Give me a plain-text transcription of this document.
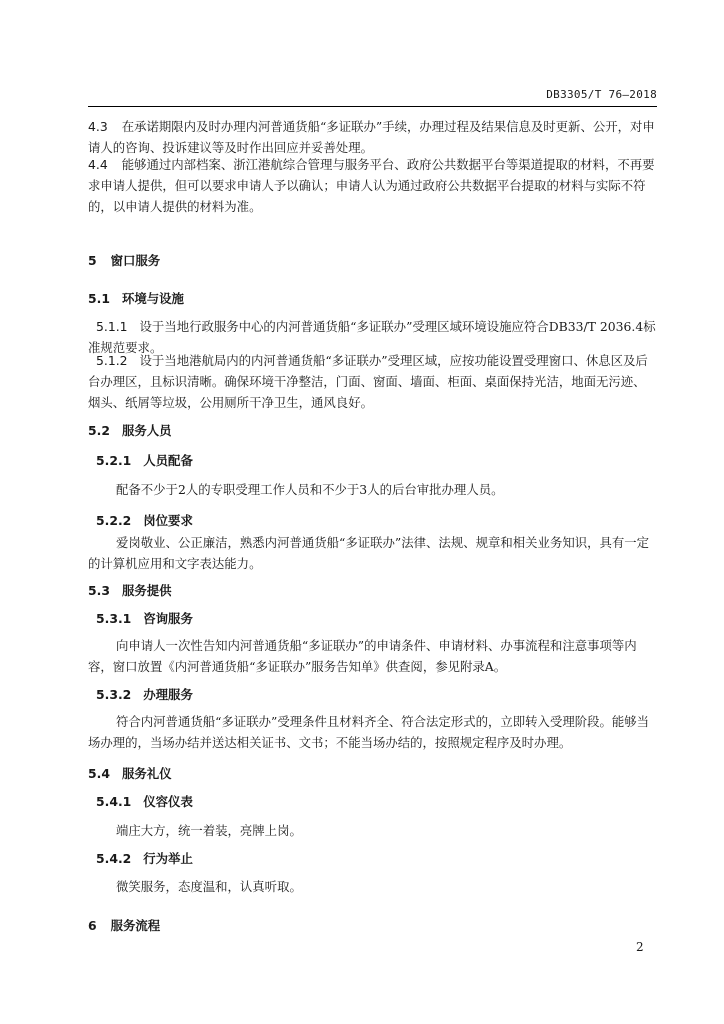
DB3305/T 76—2018
4.3 在承诺期限内及时办理内河普通货船“多证联办”手续，办理过程及结果信息及时更新、公开，对申请人的咨询、投诉建议等及时作出回应并妥善处理。
4.4 能够通过内部档案、浙江港航综合管理与服务平台、政府公共数据平台等渠道提取的材料，不再要求申请人提供，但可以要求申请人予以确认；申请人认为通过政府公共数据平台提取的材料与实际不符的，以申请人提供的材料为准。
5 窗口服务
5.1 环境与设施
5.1.1 设于当地行政服务中心的内河普通货船“多证联办”受理区域环境设施应符合DB33/T 2036.4标准规范要求。
5.1.2 设于当地港航局内的内河普通货船“多证联办”受理区域，应按功能设置受理窗口、休息区及后台办理区，且标识清晰。确保环境干净整洁，门面、窗面、墙面、柜面、桌面保持光洁，地面无污迹、烟头、纸屑等垃圾，公用厕所干净卫生，通风良好。
5.2 服务人员
5.2.1 人员配备
配备不少于2人的专职受理工作人员和不少于3人的后台审批办理人员。
5.2.2 岗位要求
爱岗敬业、公正廉洁，熟悉内河普通货船“多证联办”法律、法规、规章和相关业务知识，具有一定的计算机应用和文字表达能力。
5.3 服务提供
5.3.1 咨询服务
向申请人一次性告知内河普通货船“多证联办”的申请条件、申请材料、办事流程和注意事项等内容，窗口放置《内河普通货船“多证联办”服务告知单》供查阅，参见附录A。
5.3.2 办理服务
符合内河普通货船“多证联办”受理条件且材料齐全、符合法定形式的，立即转入受理阶段。能够当场办理的，当场办结并送达相关证书、文书；不能当场办结的，按照规定程序及时办理。
5.4 服务礼仪
5.4.1 仪容仪表
端庄大方，统一着装，亮牌上岗。
5.4.2 行为举止
微笑服务，态度温和，认真听取。
6 服务流程
2
